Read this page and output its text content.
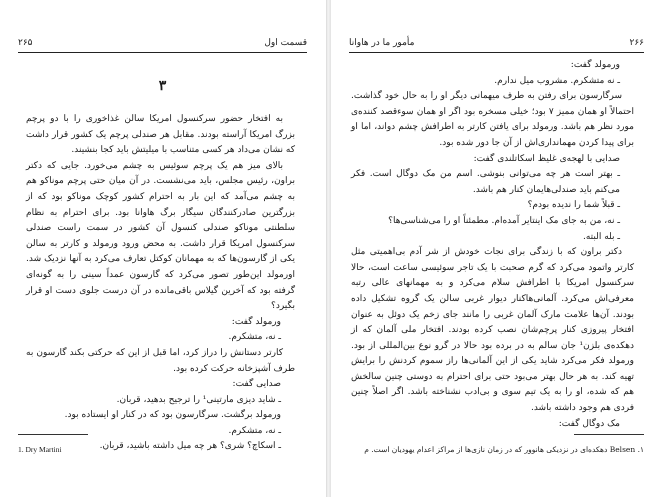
۲۶۵	قسمت اول
۳

به افتخار حضور سرکنسول امریکا سالن غذاخوری را با دو پرچم بزرگ امریکا آراسته بودند. مقابل هر صندلی پرچم یک کشور قرار داشت که نشان می‌داد هر کسی متناسب با میلیتش باید کجا بنشیند.

بالای میز هم یک پرچم سوئیس به چشم می‌خورد. جایی که دکتر براون، رئیس مجلس، باید می‌نشست. در آن میان حتی پرچم موناکو هم به چشم می‌آمد که این بار به احترام کشور کوچک موناکو بود که از بزرگترین صادرکنندگان سیگار برگ هاوانا بود. برای احترام به نظام سلطنتی موناکو صندلی کنسول آن کشور در سمت راست صندلی سرکنسول امریکا قرار داشت. به محض ورود ورمولد و کارتر به سالن یکی از گارسون‌ها که به مهمانان کوکتل تعارف می‌کرد به آنها نزدیک شد. اورمولد این‌طور تصور می‌کرد که گارسون عمداً سینی را به گونه‌ای گرفته بود که آخرین گیلاس باقی‌مانده در آن درست جلوی دست او قرار بگیرد؟

ورمولد گفت:

ـ نه، متشکرم.

کارتر دستانش را دراز کرد، اما قبل از این که حرکتی بکند گارسون به طرف آشپزخانه حرکت کرده بود.

صدایی گفت:

ـ شاید دیزی مارتینی¹ را ترجیح بدهید، قربان.

ورمولد برگشت. سرگارسون بود که در کنار او ایستاده بود.

ـ نه، متشکرم.

ـ اسکاچ؟ شری؟ هر چه میل داشته باشید، قربان.

1. Dry Martini
۲۶۶
مأمور ما در هاوانا

ورمولد گفت:

ـ نه متشکرم. مشروب میل ندارم.

سرگارسون برای رفتن به طرف میهمانی دیگر او را به حال خود گذاشت. احتمالاً او همان ممیز ۷ بود؛ خیلی مسخره بود اگر او همان سوءقصد کننده‌ی مورد نظر هم باشد. ورمولد برای یافتن کارتر به اطرافش چشم دواند، اما او برای پیدا کردن مهمانداری‌اش از آن جا دور شده بود.

صدایی با لهجه‌ی غلیظ اسکاتلندی گفت:

ـ بهتر است هر چه می‌توانی بنوشی. اسم من مک دوگال است. فکر می‌کنم باید صندلی‌هایمان کنار هم باشد.

ـ قبلاً شما را ندیده بودم؟

ـ نه، من به جای مک اینتایر آمده‌ام. مطمئناً او را می‌شناسی‌ها؟

ـ بله البته.

دکتر براون که با زندگی برای نجات خودش از شر آدم بی‌اهمیتی مثل کارتر واتمود می‌کرد که گرم صحبت با یک تاجر سوئیسی ساعت است، حالا سرکنسول امریکا با اطرافش سلام می‌کرد و به مهمانهای عالی رتبه معرفی‌اش می‌کرد. آلمانی‌هاکنار دیوار غربی سالن یک گروه تشکیل داده بودند. آن‌ها علامت مارک آلمان غربی را مانند جای زخم یک دوئل به عنوان افتخار پیروزی کنار پرچم‌شان نصب کرده بودند. افتخار ملی آلمان که از دهکده‌ی بلزن¹ جان سالم به در برده بود حالا در گرو نوع بین‌المللی از بود. ورمولد فکر می‌کرد شاید یکی از این آلمانی‌ها راز سموم کردنش را برایش تهیه کند. به هر حال بهتر می‌بود حتی برای احترام به دوستی چنین سالخش هم که شده، او را به یک تیم سوی و بی‌ادب نشناخته باشد. اگر اصلاً چنین فردی هم وجود داشته باشد.

مک دوگال گفت:

۱. Belsen دهکده‌ای در نزدیکی هانوور که در زمان نازی‌ها از مراکز اعدام یهودیان است. م
